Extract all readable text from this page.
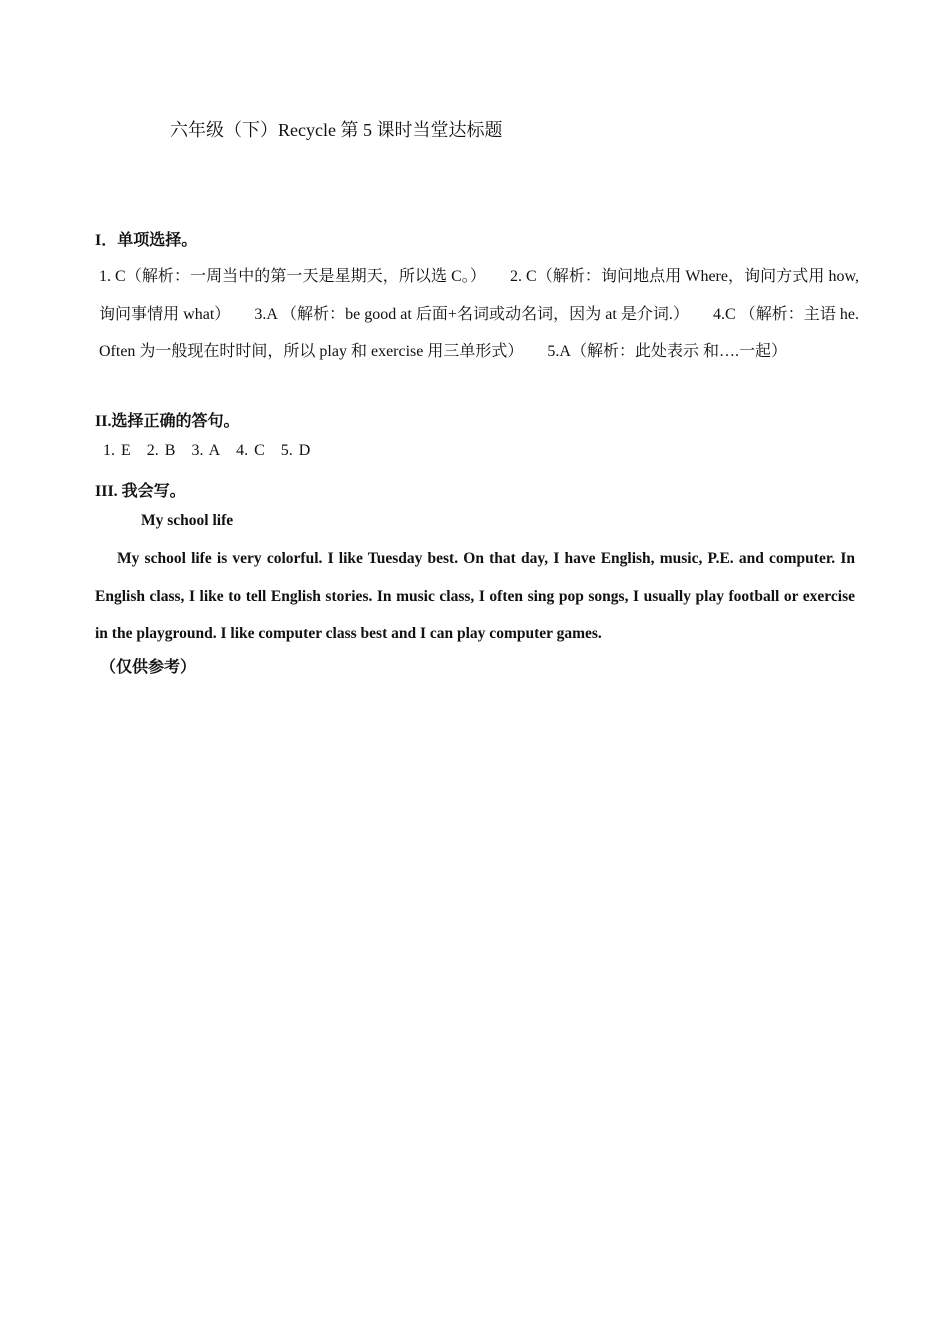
六年级（下）Recycle 第 5 课时当堂达标题
I．单项选择。
1. C（解析：一周当中的第一天是星期天，所以选 C。） 2. C（解析：询问地点用 Where，询问方式用 how,询问事情用 what） 3.A （解析：be good at 后面+名词或动名词，因为 at 是介词.） 4.C （解析：主语 he. Often 为一般现在时时间，所以 play 和 exercise 用三单形式） 5.A（解析：此处表示 和….一起）
II.选择正确的答句。
1. E 2. B 3. A 4. C 5. D
III. 我会写。
My school life
My school life is very colorful. I like Tuesday best. On that day, I have English, music, P.E. and computer. In English class, I like to tell English stories. In music class, I often sing pop songs, I usually play football or exercise in the playground. I like computer class best and I can play computer games.
（仅供参考）
